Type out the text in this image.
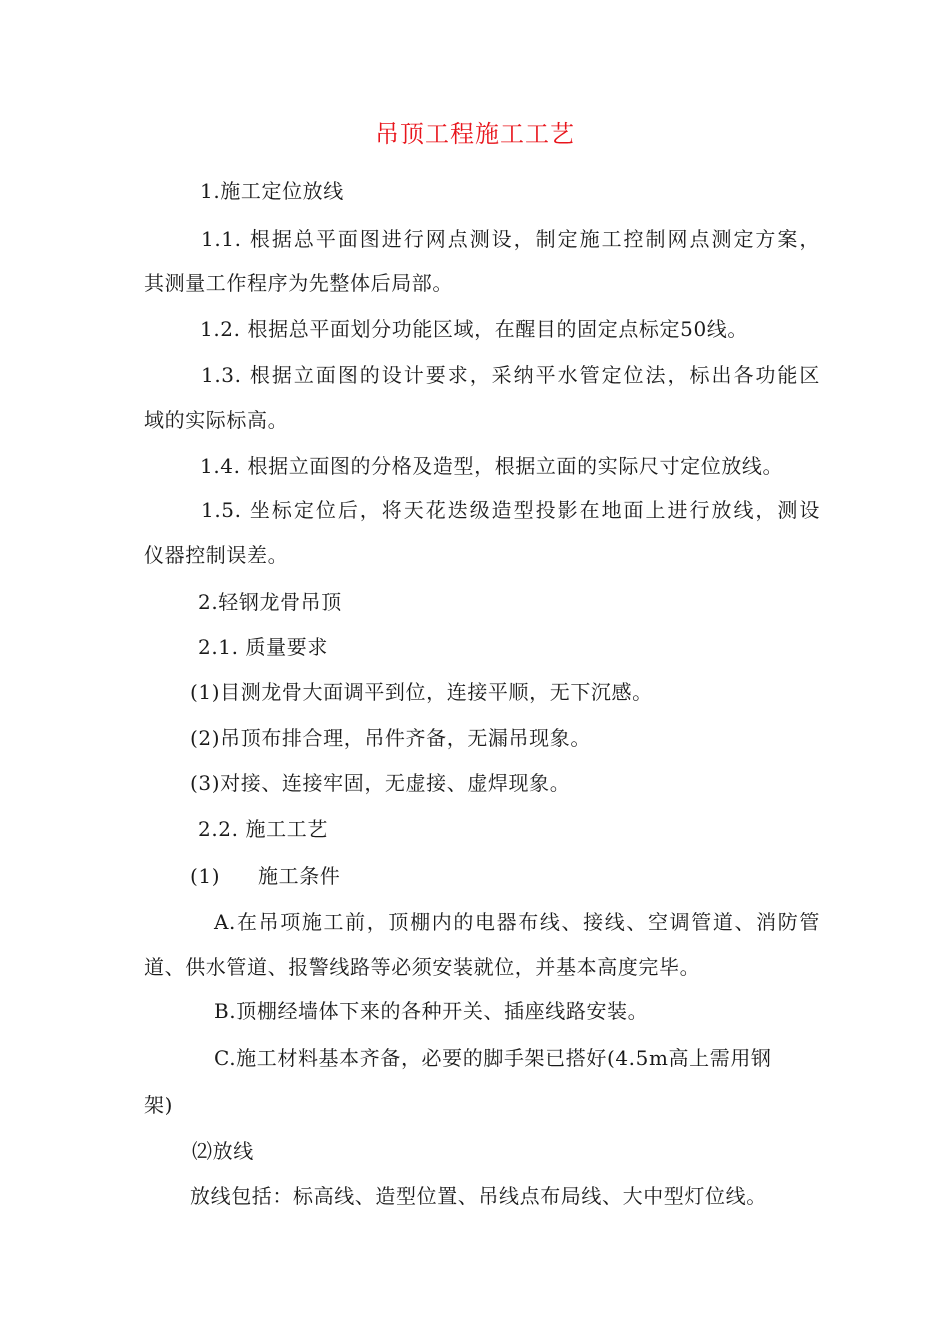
吊顶工程施工工艺
1.施工定位放线
1.1. 根据总平面图进行网点测设，制定施工控制网点测定方案，
其测量工作程序为先整体后局部。
1.2. 根据总平面划分功能区域，在醒目的固定点标定50线。
1.3. 根据立面图的设计要求，采纳平水管定位法，标出各功能区
域的实际标高。
1.4. 根据立面图的分格及造型，根据立面的实际尺寸定位放线。
1.5. 坐标定位后，将天花迭级造型投影在地面上进行放线，测设
仪器控制误差。
2.轻钢龙骨吊顶
2.1. 质量要求
(1)目测龙骨大面调平到位，连接平顺，无下沉感。
(2)吊顶布排合理，吊件齐备，无漏吊现象。
(3)对接、连接牢固，无虚接、虚焊现象。
2.2. 施工工艺
(1) 施工条件
A.在吊项施工前，顶棚内的电器布线、接线、空调管道、消防管
道、供水管道、报警线路等必须安装就位，并基本高度完毕。
B.顶棚经墙体下来的各种开关、插座线路安装。
C.施工材料基本齐备，必要的脚手架已搭好(4.5m高上需用钢
架)
⑵放线
放线包括：标高线、造型位置、吊线点布局线、大中型灯位线。
